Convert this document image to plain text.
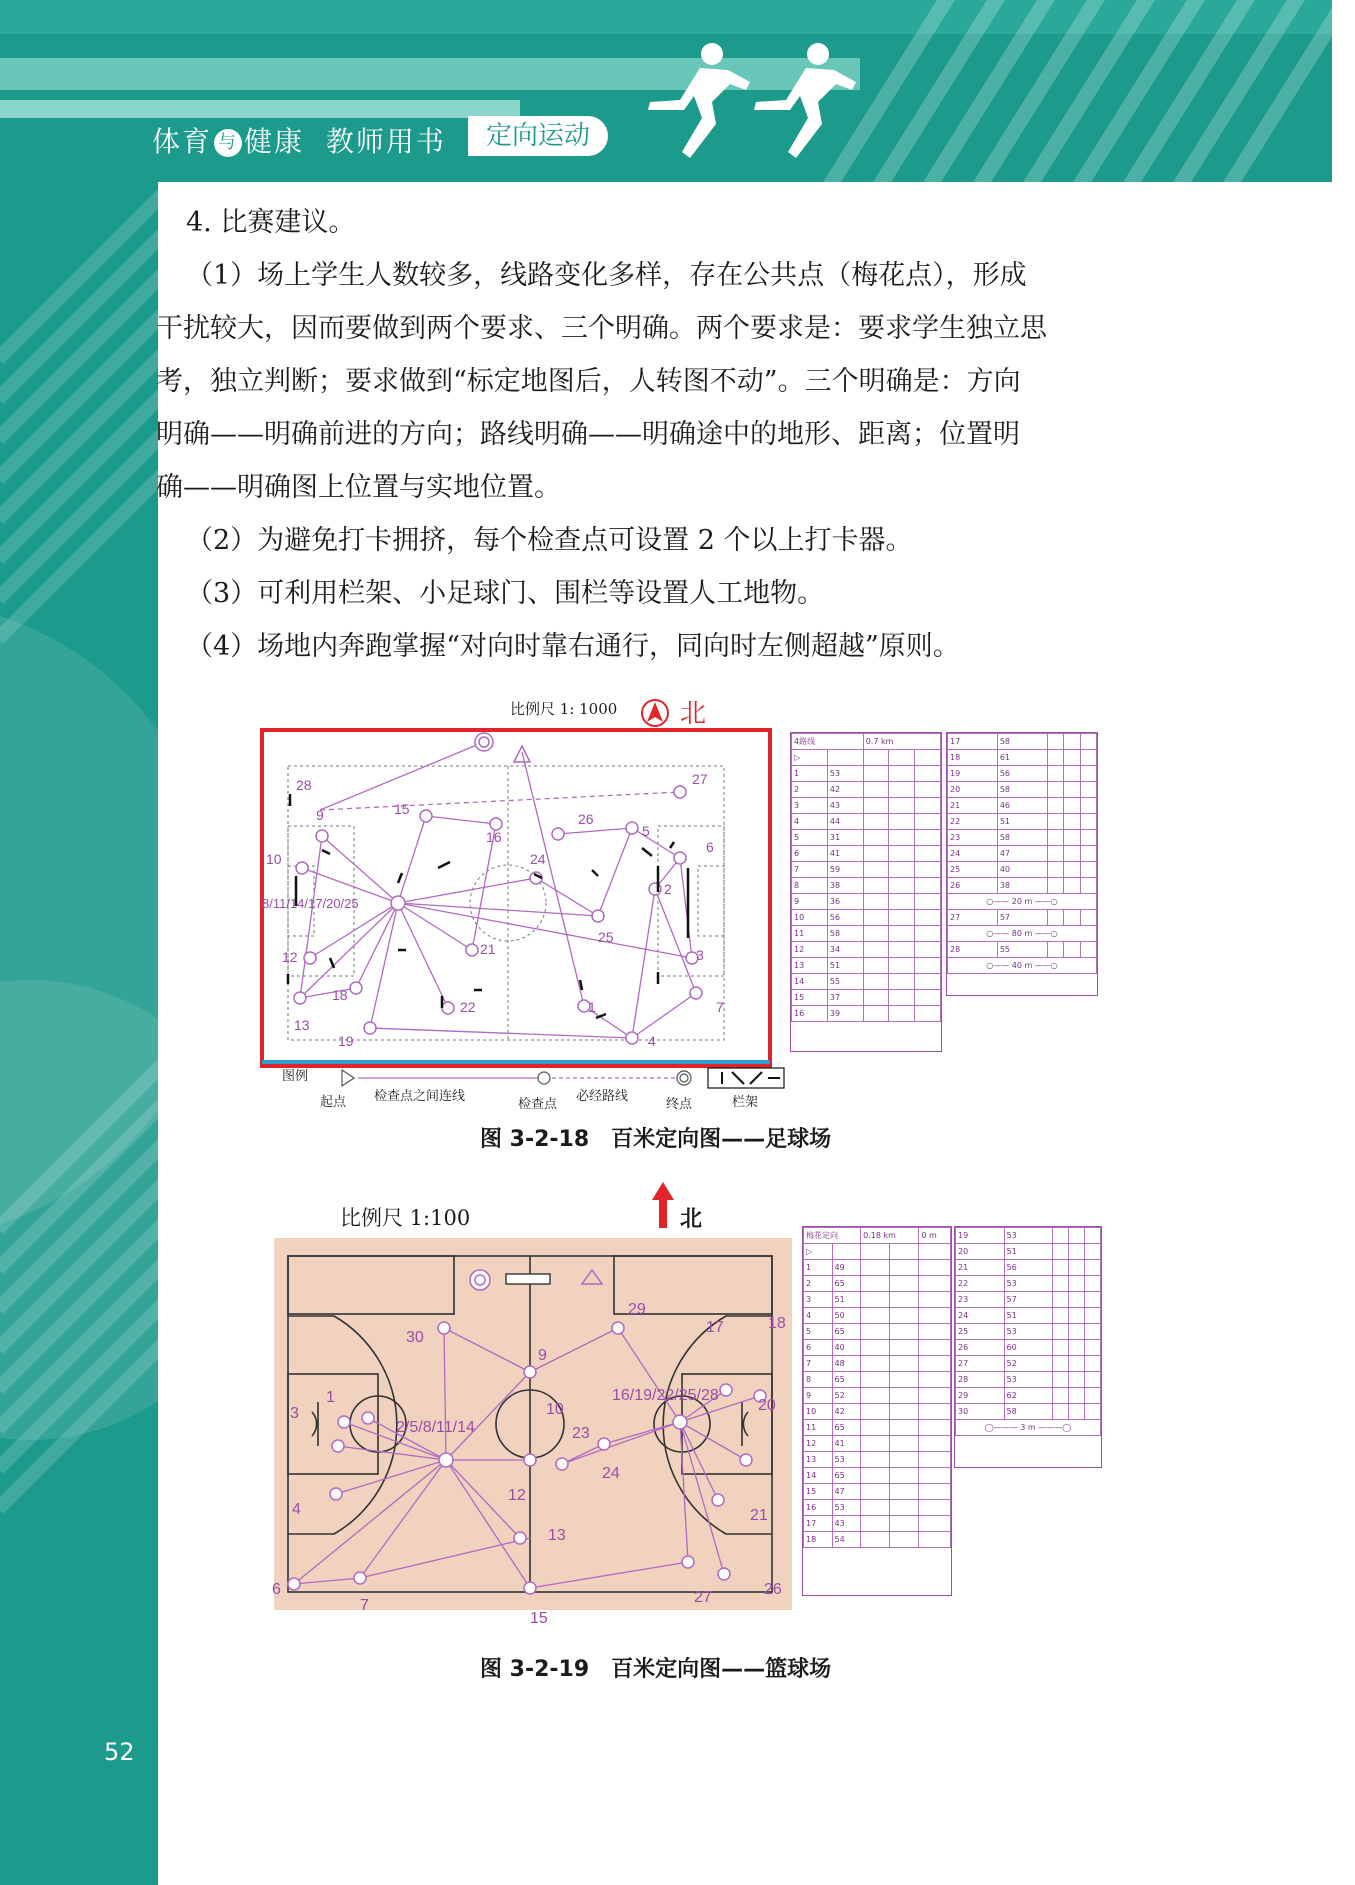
体育 与 健康 教师用书	定向运动
4. 比赛建议。
（1）场上学生人数较多，线路变化多样，存在公共点（梅花点），形成
干扰较大，因而要做到两个要求、三个明确。两个要求是：要求学生独立思
考，独立判断；要求做到“标定地图后，人转图不动”。三个明确是：方向
明确——明确前进的方向；路线明确——明确途中的地形、距离；位置明
确——明确图上位置与实地位置。
（2）为避免打卡拥挤，每个检查点可设置 2 个以上打卡器。
（3）可利用栏架、小足球门、围栏等设置人工地物。
（4）场地内奔跑掌握“对向时靠右通行，同向时左侧超越”原则。
比例尺 1: 1000 北
28	27
9	15
16
26
5
6
10	24
8/11/14/17/20/25
2
25
21
12	3
18
22	1	7
13
19	4
图例
起点 检查点之间连线
检查点
必经路线
终点	栏架
4路线		0.7 km		
▷				
1	53			
2	42			
3	43			
4	44			
5	31			
6	41			
7	59			
8	38			
9	36			
10	56			
11	58			
12	34			
13	51			
14	55			
15	37			
16	39			
17	58			
18	61			
19	56			
20	58			
21	46			
22	51			
23	58			
24	47			
25	40			
26	38			
○—— 20 m ——○				
27	57			
○—— 80 m ——○				
28	55			
○—— 40 m ——○				
图 3-2-18　百米定向图——足球场
比例尺 1:100	北
29
30
17	18
9
1	16/19/22/25/28
20
10
3
2/5/8/11/14	23
24
12
4	21
13
6
7	27	26
15
梅花定向		0.18 km		0 m
▷				
1	49			
2	65			
3	51			
4	50			
5	65			
6	40			
7	48			
8	65			
9	52			
10	42			
11	65			
12	41			
13	53			
14	65			
15	47			
16	53			
17	43			
18	54			
19	53			
20	51			
21	56			
22	53			
23	57			
24	51			
25	53			
26	60			
27	52			
28	53			
29	62			
30	58			
◯——— 3 m ———◯				
图 3-2-19　百米定向图——篮球场
52
